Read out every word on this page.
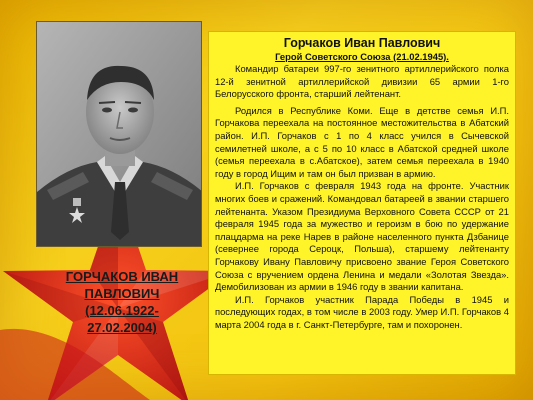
ГОРЧАКОВ ИВАН
ПАВЛОВИЧ
(12.06.1922-
27.02.2004)
Горчаков Иван Павлович
Герой Советского Союза (21.02.1945).
Командир батареи 997-го зенитного артиллерийского полка 12-й зенитной артиллерийской дивизии 65 армии 1-го Белорусского фронта, старший лейтенант.
Родился в Республике Коми. Еще в детстве семья И.П. Горчакова переехала на постоянное местожительства в Абатский район. И.П. Горчаков с 1 по 4 класс учился в Сычевской семилетней школе, а с 5 по 10 класс в Абатской средней школе (семья переехала в с.Абатское), затем семья переехала в 1940 году в город Ищим и там он был призван в армию.
И.П. Горчаков с февраля 1943 года на фронте. Участник многих боев и сражений. Командовал батареей в звании старшего лейтенанта. Указом Президиума Верховного Совета СССР от 21 февраля 1945 года за мужество и героизм в бою по удержание плацдарма на реке Нарев в районе населенного пункта Дзбанице (севернее города Сероцк, Польша), старшему лейтенанту Горчакову Ивану Павловичу присвоено звание Героя Советского Союза с вручением ордена Ленина и медали «Золотая Звезда». Демобилизован из армии в 1946 году в звании капитана.
И.П. Горчаков участник Парада Победы в 1945 и последующих годах, в том числе в 2003 году. Умер И.П. Горчаков 4 марта 2004 года в г. Санкт-Петербурге, там и похоронен.
